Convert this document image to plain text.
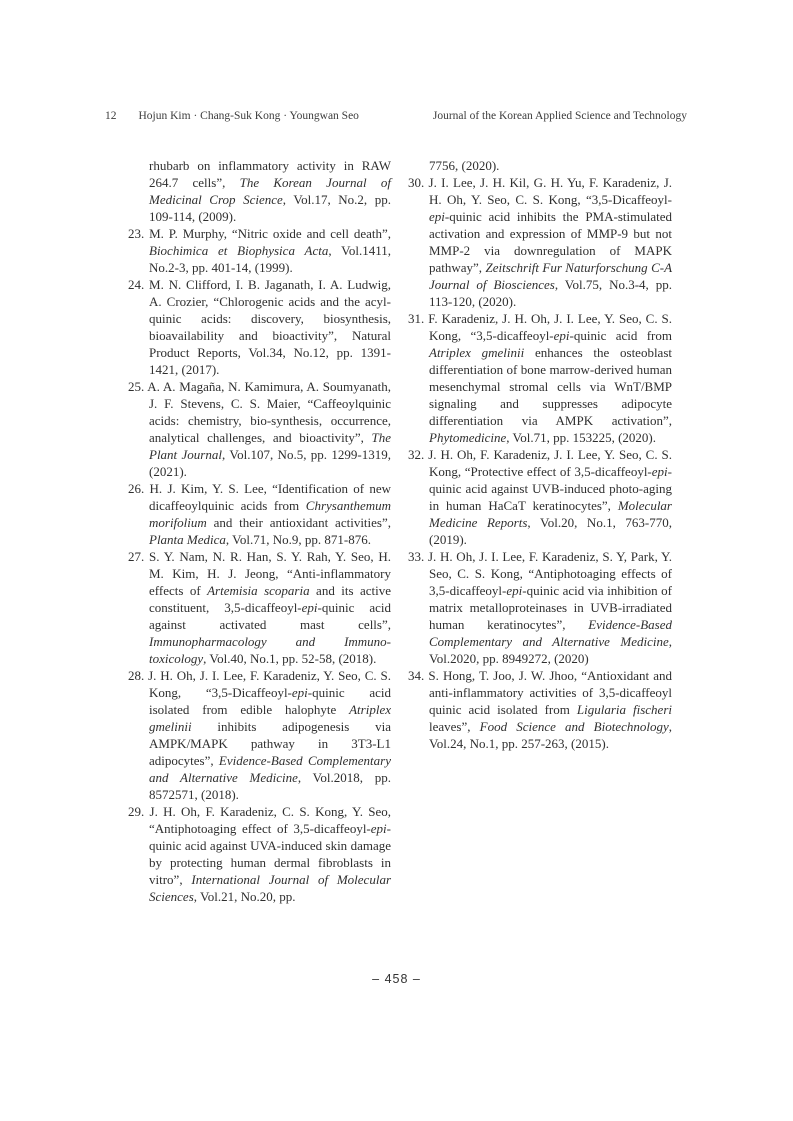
12 Hojun Kim · Chang-Suk Kong · Youngwan Seo	Journal of the Korean Applied Science and Technology
rhubarb on inflammatory activity in RAW 264.7 cells”, The Korean Journal of Medicinal Crop Science, Vol.17, No.2, pp. 109-114, (2009).
23. M. P. Murphy, “Nitric oxide and cell death”, Biochimica et Biophysica Acta, Vol.1411, No.2-3, pp. 401-14, (1999).
24. M. N. Clifford, I. B. Jaganath, I. A. Ludwig, A. Crozier, “Chlorogenic acids and the acyl-quinic acids: discovery, biosynthesis, bioavailability and bioactivity”, Natural Product Reports, Vol.34, No.12, pp. 1391-1421, (2017).
25. A. A. Magaña, N. Kamimura, A. Soumyanath, J. F. Stevens, C. S. Maier, “Caffeoylquinic acids: chemistry, bio-synthesis, occurrence, analytical challenges, and bioactivity”, The Plant Journal, Vol.107, No.5, pp. 1299-1319, (2021).
26. H. J. Kim, Y. S. Lee, “Identification of new dicaffeoylquinic acids from Chrysanthemum morifolium and their antioxidant activities”, Planta Medica, Vol.71, No.9, pp. 871-876.
27. S. Y. Nam, N. R. Han, S. Y. Rah, Y. Seo, H. M. Kim, H. J. Jeong, “Anti-inflammatory effects of Artemisia scoparia and its active constituent, 3,5-dicaffeoyl-epi-quinic acid against activated mast cells”, Immunopharmacology and Immuno-toxicology, Vol.40, No.1, pp. 52-58, (2018).
28. J. H. Oh, J. I. Lee, F. Karadeniz, Y. Seo, C. S. Kong, “3,5-Dicaffeoyl-epi-quinic acid isolated from edible halophyte Atriplex gmelinii inhibits adipogenesis via AMPK/MAPK pathway in 3T3-L1 adipocytes”, Evidence-Based Complementary and Alternative Medicine, Vol.2018, pp. 8572571, (2018).
29. J. H. Oh, F. Karadeniz, C. S. Kong, Y. Seo, “Antiphotoaging effect of 3,5-dicaffeoyl-epi-quinic acid against UVA-induced skin damage by protecting human dermal fibroblasts in vitro”, International Journal of Molecular Sciences, Vol.21, No.20, pp.
7756, (2020).
30. J. I. Lee, J. H. Kil, G. H. Yu, F. Karadeniz, J. H. Oh, Y. Seo, C. S. Kong, “3,5-Dicaffeoyl-epi-quinic acid inhibits the PMA-stimulated activation and expression of MMP-9 but not MMP-2 via downregulation of MAPK pathway”, Zeitschrift Fur Naturforschung C-A Journal of Biosciences, Vol.75, No.3-4, pp. 113-120, (2020).
31. F. Karadeniz, J. H. Oh, J. I. Lee, Y. Seo, C. S. Kong, “3,5-dicaffeoyl-epi-quinic acid from Atriplex gmelinii enhances the osteoblast differentiation of bone marrow-derived human mesenchymal stromal cells via WnT/BMP signaling and suppresses adipocyte differentiation via AMPK activation”, Phytomedicine, Vol.71, pp. 153225, (2020).
32. J. H. Oh, F. Karadeniz, J. I. Lee, Y. Seo, C. S. Kong, “Protective effect of 3,5-dicaffeoyl-epi-quinic acid against UVB-induced photo-aging in human HaCaT keratinocytes”, Molecular Medicine Reports, Vol.20, No.1, 763-770, (2019).
33. J. H. Oh, J. I. Lee, F. Karadeniz, S. Y, Park, Y. Seo, C. S. Kong, “Antiphotoaging effects of 3,5-dicaffeoyl-epi-quinic acid via inhibition of matrix metalloproteinases in UVB-irradiated human keratinocytes”, Evidence-Based Complementary and Alternative Medicine, Vol.2020, pp. 8949272, (2020)
34. S. Hong, T. Joo, J. W. Jhoo, “Antioxidant and anti-inflammatory activities of 3,5-dicaffeoyl quinic acid isolated from Ligularia fischeri leaves”, Food Science and Biotechnology, Vol.24, No.1, pp. 257-263, (2015).
– 458 –
